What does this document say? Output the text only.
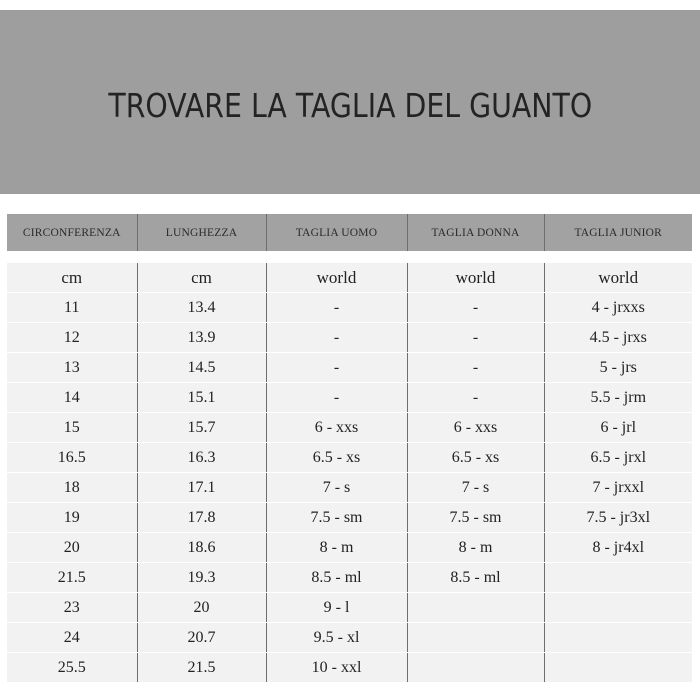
TROVARE LA TAGLIA DEL GUANTO
CIRCONFERENZA	LUNGHEZZA	TAGLIA UOMO	TAGLIA DONNA	TAGLIA JUNIOR
cm	cm	world	world	world
11	13.4	-	-	4 - jrxxs
12	13.9	-	-	4.5 - jrxs
13	14.5	-	-	5 - jrs
14	15.1	-	-	5.5 - jrm
15	15.7	6 - xxs	6 - xxs	6 - jrl
16.5	16.3	6.5 - xs	6.5 - xs	6.5 - jrxl
18	17.1	7 - s	7 - s	7 - jrxxl
19	17.8	7.5 - sm	7.5 - sm	7.5 - jr3xl
20	18.6	8 - m	8 - m	8 - jr4xl
21.5	19.3	8.5 - ml	8.5 - ml	
23	20	9 - l		
24	20.7	9.5 - xl		
25.5	21.5	10 - xxl		
